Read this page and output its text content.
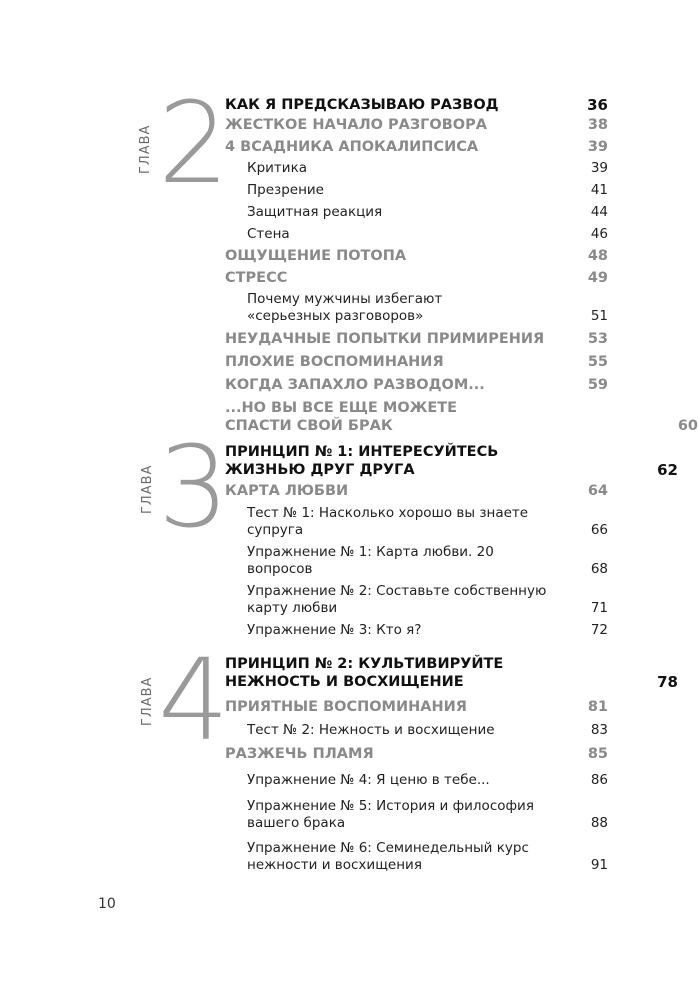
ГЛАВА 2
КАК Я ПРЕДСКАЗЫВАЮ РАЗВОД	36
ЖЕСТКОЕ НАЧАЛО РАЗГОВОРА	38
4 ВСАДНИКА АПОКАЛИПСИСА	39
Критика	39
Презрение	41
Защитная реакция	44
Стена	46
ОЩУЩЕНИЕ ПОТОПА	48
СТРЕСС	49
Почему мужчины избегают «серьезных разговоров»	51
НЕУДАЧНЫЕ ПОПЫТКИ ПРИМИРЕНИЯ	53
ПЛОХИЕ ВОСПОМИНАНИЯ	55
КОГДА ЗАПАХЛО РАЗВОДОМ...	59
...НО ВЫ ВСЕ ЕЩЕ МОЖЕТЕ СПАСТИ СВОЙ БРАК	60
ГЛАВА 3
ПРИНЦИП № 1: ИНТЕРЕСУЙТЕСЬ ЖИЗНЬЮ ДРУГ ДРУГА	62
КАРТА ЛЮБВИ	64
Тест № 1: Насколько хорошо вы знаете супруга	66
Упражнение № 1: Карта любви. 20 вопросов	68
Упражнение № 2: Составьте собственную карту любви	71
Упражнение № 3: Кто я?	72
ГЛАВА 4
ПРИНЦИП № 2: КУЛЬТИВИРУЙТЕ НЕЖНОСТЬ И ВОСХИЩЕНИЕ	78
ПРИЯТНЫЕ ВОСПОМИНАНИЯ	81
Тест № 2: Нежность и восхищение	83
РАЗЖЕЧЬ ПЛАМЯ	85
Упражнение № 4: Я ценю в тебе...	86
Упражнение № 5: История и философия вашего брака	88
Упражнение № 6: Семинедельный курс нежности и восхищения	91
10
